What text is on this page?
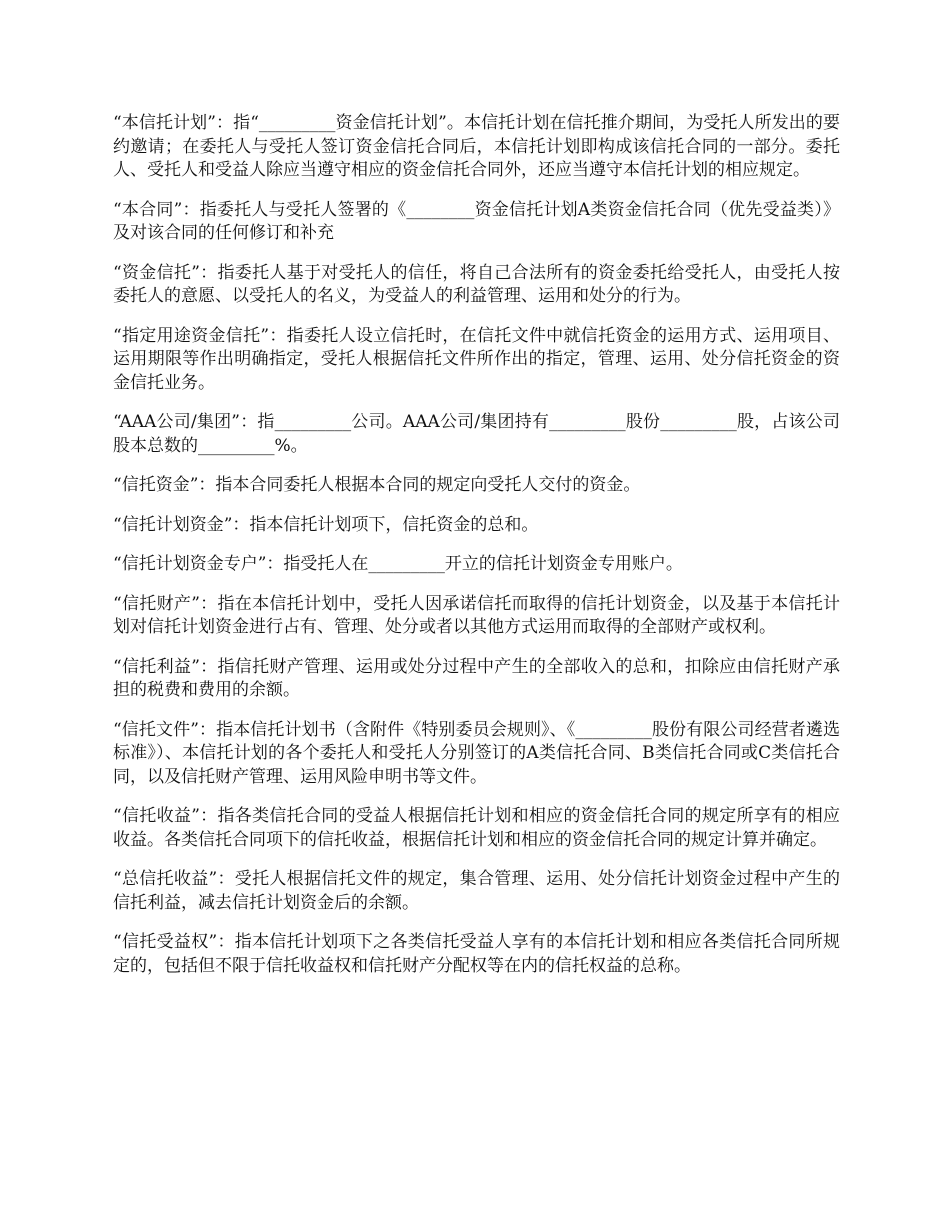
“本信托计划”：指“_________资金信托计划”。本信托计划在信托推介期间，为受托人所发出的要约邀请；在委托人与受托人签订资金信托合同后，本信托计划即构成该信托合同的一部分。委托人、受托人和受益人除应当遵守相应的资金信托合同外，还应当遵守本信托计划的相应规定。

“本合同”：指委托人与受托人签署的《________资金信托计划A类资金信托合同（优先受益类）》及对该合同的任何修订和补充

“资金信托”：指委托人基于对受托人的信任，将自己合法所有的资金委托给受托人，由受托人按委托人的意愿、以受托人的名义，为受益人的利益管理、运用和处分的行为。

“指定用途资金信托”：指委托人设立信托时，在信托文件中就信托资金的运用方式、运用项目、运用期限等作出明确指定，受托人根据信托文件所作出的指定，管理、运用、处分信托资金的资金信托业务。

“AAA公司/集团”：指_________公司。AAA公司/集团持有_________股份_________股，占该公司股本总数的_________%。

“信托资金”：指本合同委托人根据本合同的规定向受托人交付的资金。

“信托计划资金”：指本信托计划项下，信托资金的总和。

“信托计划资金专户”：指受托人在_________开立的信托计划资金专用账户。

“信托财产”：指在本信托计划中，受托人因承诺信托而取得的信托计划资金，以及基于本信托计划对信托计划资金进行占有、管理、处分或者以其他方式运用而取得的全部财产或权利。

“信托利益”：指信托财产管理、运用或处分过程中产生的全部收入的总和，扣除应由信托财产承担的税费和费用的余额。

“信托文件”：指本信托计划书（含附件《特别委员会规则》、《_________股份有限公司经营者遴选标准》）、本信托计划的各个委托人和受托人分别签订的A类信托合同、B类信托合同或C类信托合同，以及信托财产管理、运用风险申明书等文件。

“信托收益”：指各类信托合同的受益人根据信托计划和相应的资金信托合同的规定所享有的相应收益。各类信托合同项下的信托收益，根据信托计划和相应的资金信托合同的规定计算并确定。

“总信托收益”：受托人根据信托文件的规定，集合管理、运用、处分信托计划资金过程中产生的信托利益，减去信托计划资金后的余额。

“信托受益权”：指本信托计划项下之各类信托受益人享有的本信托计划和相应各类信托合同所规定的，包括但不限于信托收益权和信托财产分配权等在内的信托权益的总称。
